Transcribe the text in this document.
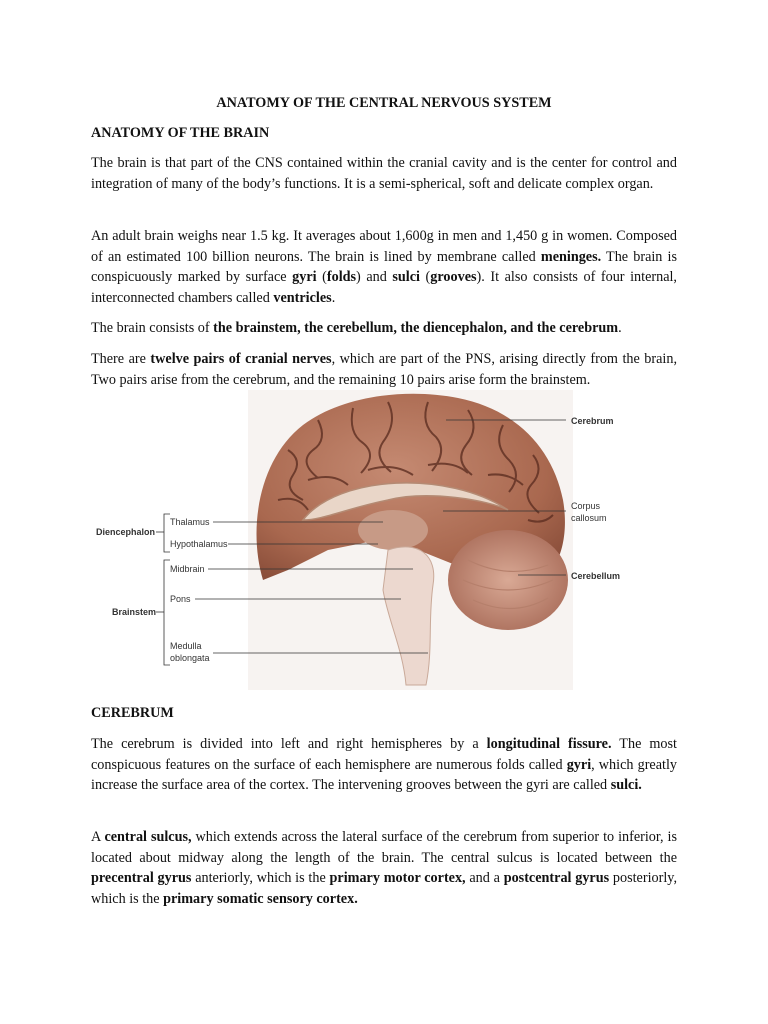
ANATOMY OF THE CENTRAL NERVOUS SYSTEM
ANATOMY OF THE BRAIN
The brain is that part of the CNS contained within the cranial cavity and is the center for control and integration of many of the body’s functions. It is a semi-spherical, soft and delicate complex organ.
An adult brain weighs near 1.5 kg. It averages about 1,600g in men and 1,450 g in women. Composed of an estimated 100 billion neurons. The brain is lined by membrane called meninges. The brain is conspicuously marked by surface gyri (folds) and sulci (grooves). It also consists of four internal, interconnected chambers called ventricles.
The brain consists of the brainstem, the cerebellum, the diencephalon, and the cerebrum.
There are twelve pairs of cranial nerves, which are part of the PNS, arising directly from the brain, Two pairs arise from the cerebrum, and the remaining 10 pairs arise form the brainstem.
Cerebrum
Corpus
callosum
Cerebellum
Diencephalon
Thalamus
Hypothalamus
Midbrain
Pons
Brainstem
Medulla
oblongata
CEREBRUM
The cerebrum is divided into left and right hemispheres by a longitudinal fissure. The most conspicuous features on the surface of each hemisphere are numerous folds called gyri, which greatly increase the surface area of the cortex. The intervening grooves between the gyri are called sulci.
A central sulcus, which extends across the lateral surface of the cerebrum from superior to inferior, is located about midway along the length of the brain. The central sulcus is located between the precentral gyrus anteriorly, which is the primary motor cortex, and a postcentral gyrus posteriorly, which is the primary somatic sensory cortex.
